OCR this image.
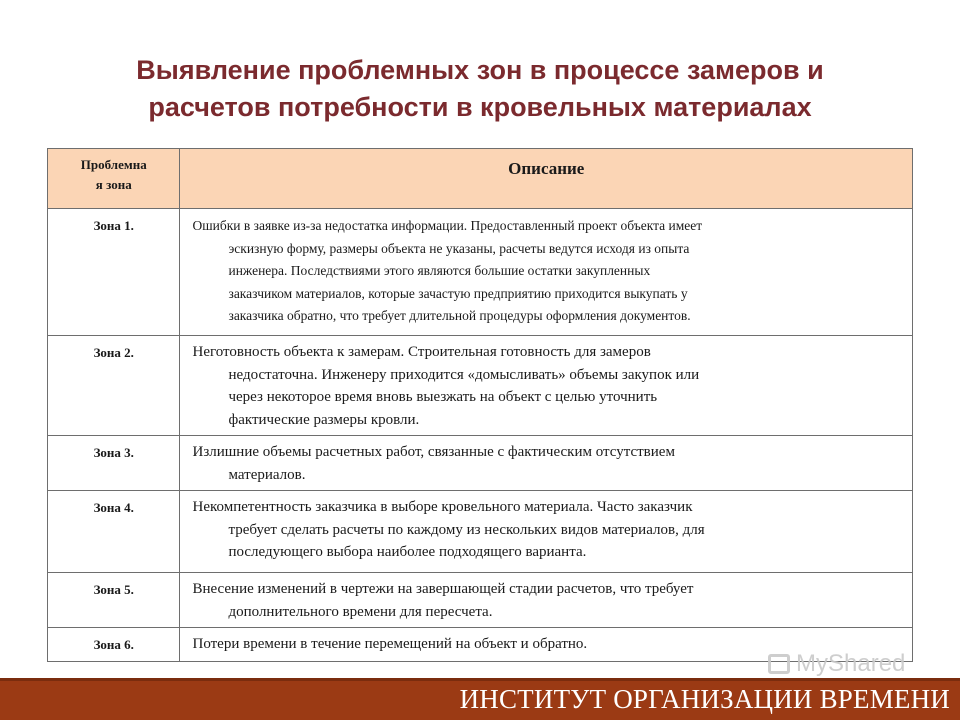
Выявление проблемных зон в процессе замеров и
расчетов потребности в кровельных материалах
Проблемна
я зона	Описание
Зона 1.	Ошибки в заявке из-за недостатка информации. Предоставленный проект объекта имеет
эскизную форму, размеры объекта не указаны, расчеты ведутся исходя из опыта
инженера. Последствиями этого являются большие остатки закупленных
заказчиком материалов, которые зачастую предприятию приходится выкупать у
заказчика обратно, что требует длительной процедуры оформления документов.

Зона 2.	Неготовность объекта к замерам. Строительная готовность для замеров
недостаточна. Инженеру приходится «домысливать» объемы закупок или
через некоторое время вновь выезжать на объект с целью уточнить
фактические размеры кровли.

Зона 3.	Излишние объемы расчетных работ, связанные с фактическим отсутствием
материалов.

Зона 4.	Некомпетентность заказчика в выборе кровельного материала. Часто заказчик
требует сделать расчеты по каждому из нескольких видов материалов, для
последующего выбора наиболее подходящего варианта.

Зона 5.	Внесение изменений в чертежи на завершающей стадии расчетов, что требует
дополнительного времени для пересчета.

Зона 6.	Потери времени в течение перемещений на объект и обратно.
MyShared
ИНСТИТУТ ОРГАНИЗАЦИИ ВРЕМЕНИ
